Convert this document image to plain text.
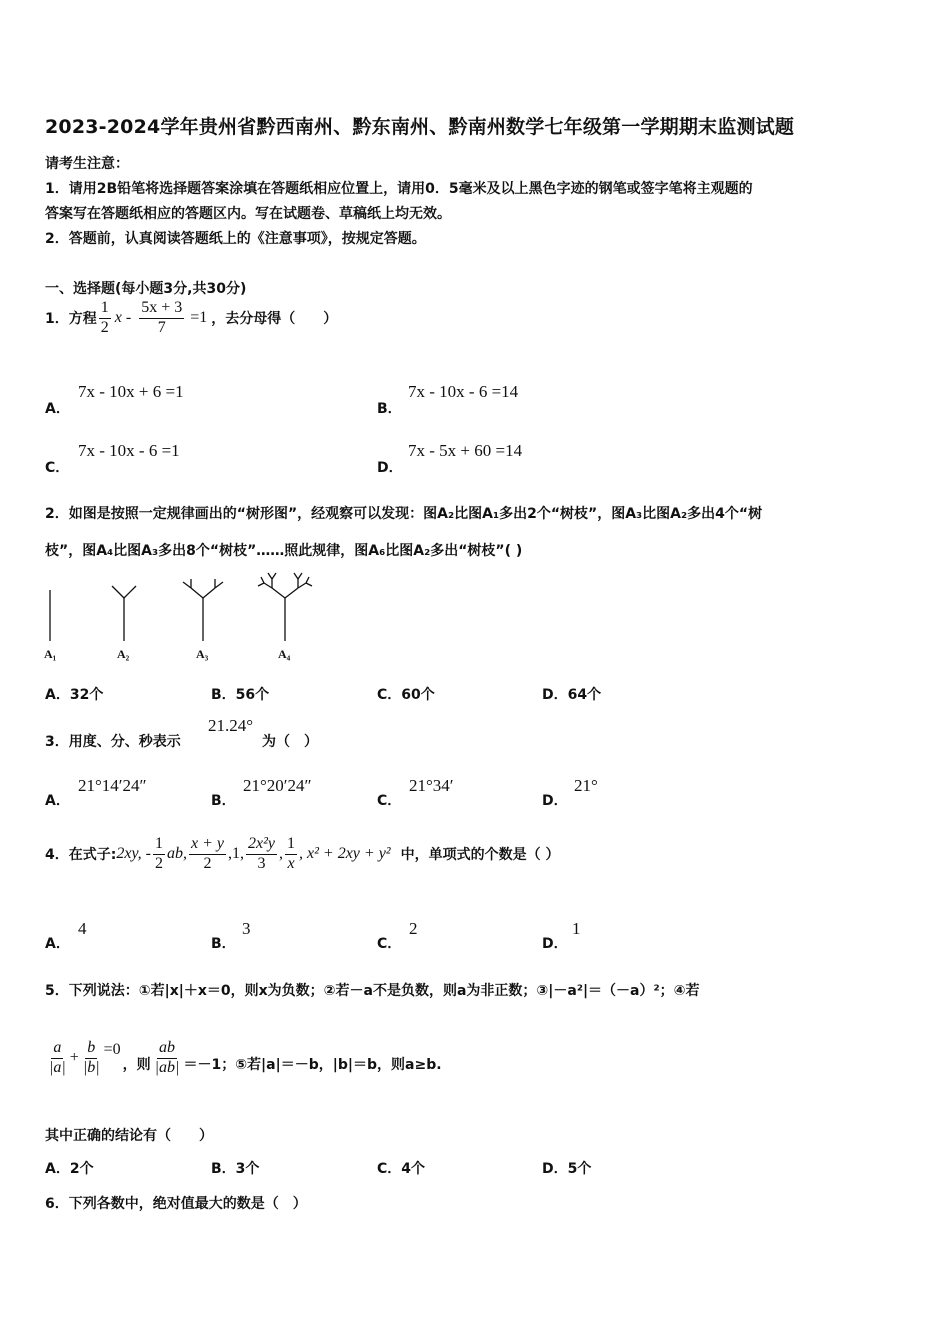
2023-2024学年贵州省黔西南州、黔东南州、黔南州数学七年级第一学期期末监测试题
请考生注意：
1．请用2B铅笔将选择题答案涂填在答题纸相应位置上，请用0．5毫米及以上黑色字迹的钢笔或签字笔将主观题的
答案写在答题纸相应的答题区内。写在试题卷、草稿纸上均无效。
2．答题前，认真阅读答题纸上的《注意事项》，按规定答题。
一、选择题(每小题3分,共30分)
1．方程 $\frac{1}{2}$ $x - \frac{5x + 3}{7} =1$ ，去分母得（　　）
A．
7x - 10x + 6 =1
B．
7x - 10x - 6 =14
C．
7x - 10x - 6 =1
D．
7x - 5x + 60 =14
2．如图是按照一定规律画出的“树形图”，经观察可以发现：图A₂比图A₁多出2个“树枝”，图A₃比图A₂多出4个“树
枝”，图A₄比图A₃多出8个“树枝”……照此规律，图A₆比图A₂多出“树枝”( )
A₁	A₂	A₃	A₄
A．32个	B．56个	C．60个	D．64个
3．用度、分、秒表示
21.24°
为（　）
A．
21°14′24″
B．
21°20′24″
C．
21°34′
D．
21°
4．在式子: 2xy, - $\frac{1}{2}$ ab, $\frac{x + y}{2} ,1$, $\frac{\text{2x²y}}{3}$ , $\frac{1}{x}$ , x² + 2xy + y² 中，单项式的个数是（ ）
A．
4
B．
3
C．
2
D．
1
5．下列说法：①若|x|＋x＝0，则x为负数；②若－a不是负数，则a为非正数；③|－a²|＝（－a）²；④若
$\frac{a}{|a|} + \frac{b}{|b|} =0$
，则 $\frac{ab}{|ab|} =-1$；⑤若|a|＝－b，|b|＝b，则a≥b.
其中正确的结论有（　　）
A．2个	B．3个	C．4个	D．5个
6．下列各数中，绝对值最大的数是（　）
